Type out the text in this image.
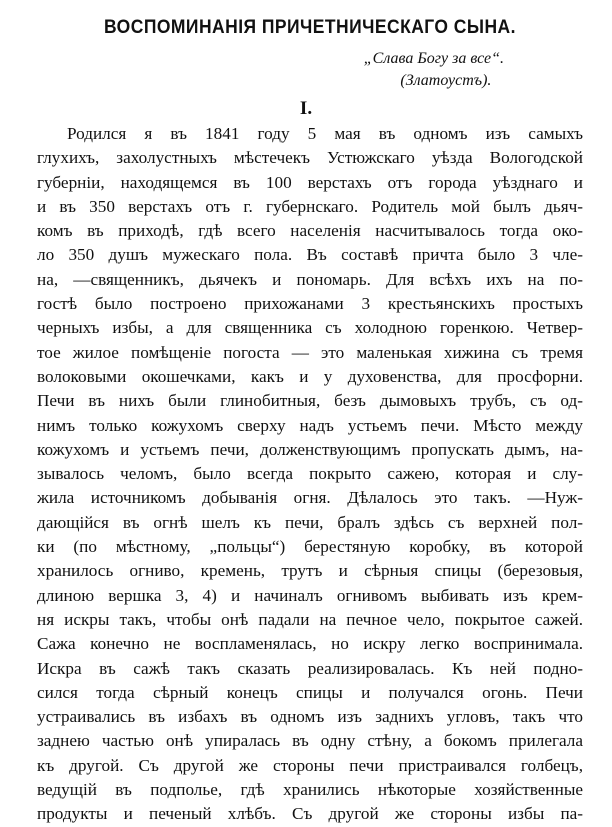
ВОСПОМИНАНІЯ ПРИЧЕТНИЧЕСКАГО СЫНА.
„Слава Богу за все“.
(Златоустъ).
I.
Родился я въ 1841 году 5 мая въ одномъ изъ самыхъ
глухихъ, захолустныхъ мѣстечекъ Устюжскаго уѣзда Вологодской
губерніи, находящемся въ 100 верстахъ отъ города уѣзднаго и
и въ 350 верстахъ отъ г. губернскаго. Родитель мой былъ дьяч-
комъ въ приходѣ, гдѣ всего населенія насчитывалось тогда око-
ло 350 душъ мужескаго пола. Въ составѣ причта было 3 чле-
на, —священникъ, дьячекъ и пономарь. Для всѣхъ ихъ на по-
гостѣ было построено прихожанами 3 крестьянскихъ простыхъ
черныхъ избы, а для священника съ холодною горенкою. Четвер-
тое жилое помѣщеніе погоста — это маленькая хижина съ тремя
волоковыми окошечками, какъ и у духовенства, для просфорни.
Печи въ нихъ были глинобитныя, безъ дымовыхъ трубъ, съ од-
нимъ только кожухомъ сверху надъ устьемъ печи. Мѣсто между
кожухомъ и устьемъ печи, долженствующимъ пропускать дымъ, на-
зывалось челомъ, было всегда покрыто сажею, которая и слу-
жила источникомъ добыванія огня. Дѣлалось это такъ. —Нуж-
дающійся въ огнѣ шелъ къ печи, бралъ здѣсь съ верхней пол-
ки (по мѣстному, „польцы“) берестяную коробку, въ которой
хранилось огниво, кремень, трутъ и сѣрныя спицы (березовыя,
длиною вершка 3, 4) и начиналъ огнивомъ выбивать изъ крем-
ня искры такъ, чтобы онѣ падали на печное чело, покрытое сажей.
Сажа конечно не воспламенялась, но искру легко воспринимала.
Искра въ сажѣ такъ сказать реализировалась. Къ ней подно-
сился тогда сѣрный конецъ спицы и получался огонь. Печи
устраивались въ избахъ въ одномъ изъ заднихъ угловъ, такъ что
заднею частью онѣ упиралась въ одну стѣну, а бокомъ прилегала
къ другой. Съ другой же стороны печи пристраивался голбецъ,
ведущій въ подполье, гдѣ хранились нѣкоторые хозяйственные
продукты и печеный хлѣбъ. Съ другой же стороны избы па-
